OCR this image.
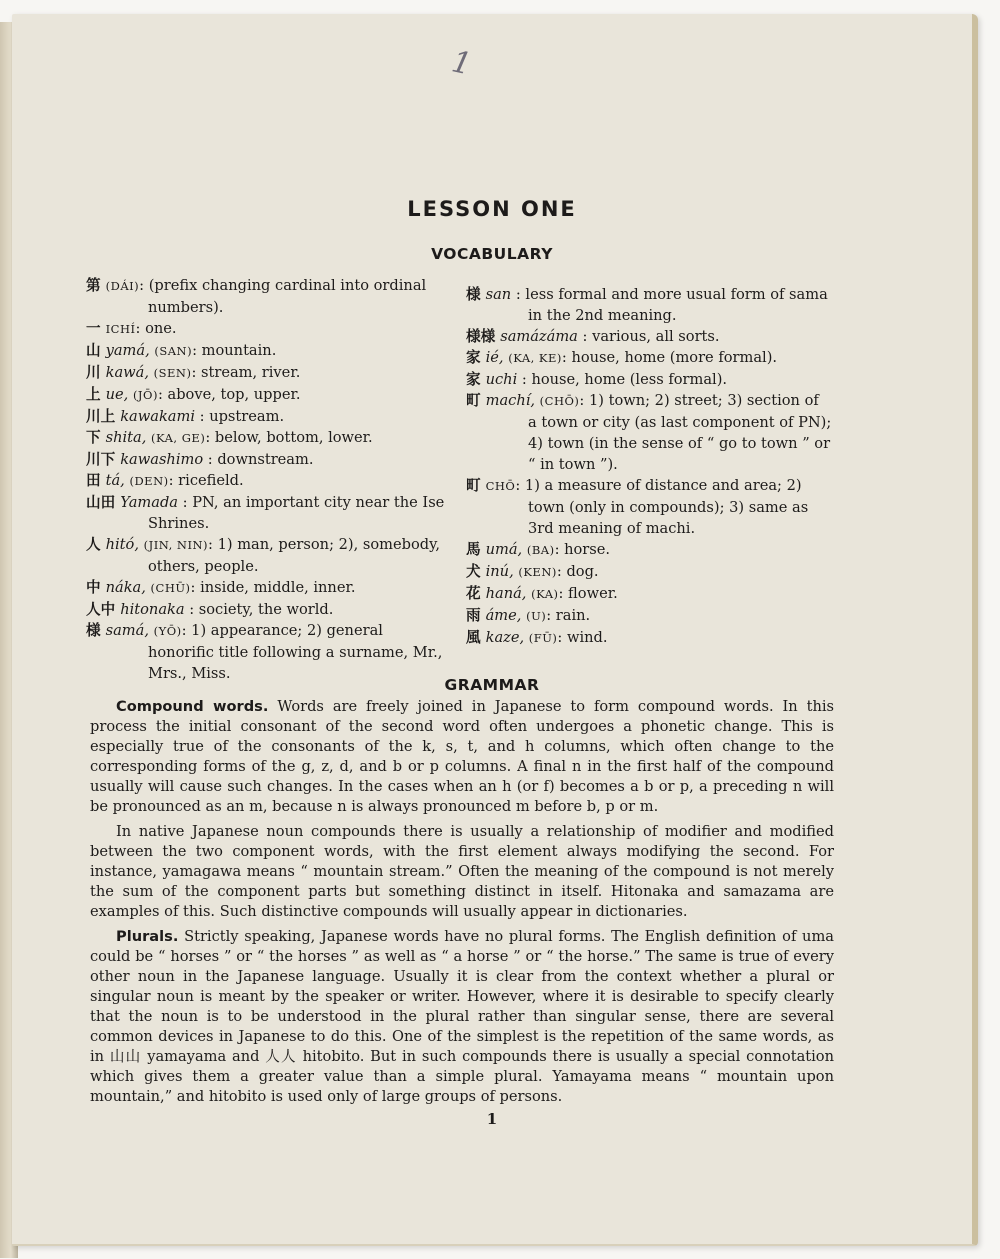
1
LESSON ONE
VOCABULARY
第 (DÁI): (prefix changing cardinal into ordinal numbers).
一 ICHÍ: one.
山 yamá, (SAN): mountain.
川 kawá, (SEN): stream, river.
上 ue, (JŌ): above, top, upper.
川上 kawakami : upstream.
下 shita, (KA, GE): below, bottom, lower.
川下 kawashimo : downstream.
田 tá, (DEN): ricefield.
山田 Yamada : PN, an important city near the Ise Shrines.
人 hitó, (JIN, NIN): 1) man, person; 2), somebody, others, people.
中 náka, (CHŪ): inside, middle, inner.
人中 hitonaka : society, the world.
様 samá, (YŌ): 1) appearance; 2) general honorific title following a surname, Mr., Mrs., Miss.
様 san : less formal and more usual form of sama in the 2nd meaning.
様様 samázáma : various, all sorts.
家 ié, (KA, KE): house, home (more formal).
家 uchi : house, home (less formal).
町 machí, (CHŌ): 1) town; 2) street; 3) section of a town or city (as last component of PN); 4) town (in the sense of “ go to town ” or “ in town ”).
町 CHŌ: 1) a measure of distance and area; 2) town (only in compounds); 3) same as 3rd meaning of machi.
馬 umá, (BA): horse.
犬 inú, (KEN): dog.
花 haná, (KA): flower.
雨 áme, (U): rain.
風 kaze, (FŪ): wind.
GRAMMAR

Compound words. Words are freely joined in Japanese to form compound words. In this process the initial consonant of the second word often undergoes a phonetic change. This is especially true of the consonants of the k, s, t, and h columns, which often change to the corresponding forms of the g, z, d, and b or p columns. A final n in the first half of the compound usually will cause such changes. In the cases when an h (or f) becomes a b or p, a preceding n will be pronounced as an m, because n is always pronounced m before b, p or m.

In native Japanese noun compounds there is usually a relationship of modifier and modified between the two component words, with the first element always modifying the second. For instance, yamagawa means “ mountain stream.” Often the meaning of the compound is not merely the sum of the component parts but something distinct in itself. Hitonaka and samazama are examples of this. Such distinctive compounds will usually appear in dictionaries.

Plurals. Strictly speaking, Japanese words have no plural forms. The English definition of uma could be “ horses ” or “ the horses ” as well as “ a horse ” or “ the horse.” The same is true of every other noun in the Japanese language. Usually it is clear from the context whether a plural or singular noun is meant by the speaker or writer. However, where it is desirable to specify clearly that the noun is to be understood in the plural rather than singular sense, there are several common devices in Japanese to do this. One of the simplest is the repetition of the same words, as in 山山 yamayama and 人人 hitobito. But in such compounds there is usually a special connotation which gives them a greater value than a simple plural. Yamayama means “ mountain upon mountain,” and hitobito is used only of large groups of persons.

1
